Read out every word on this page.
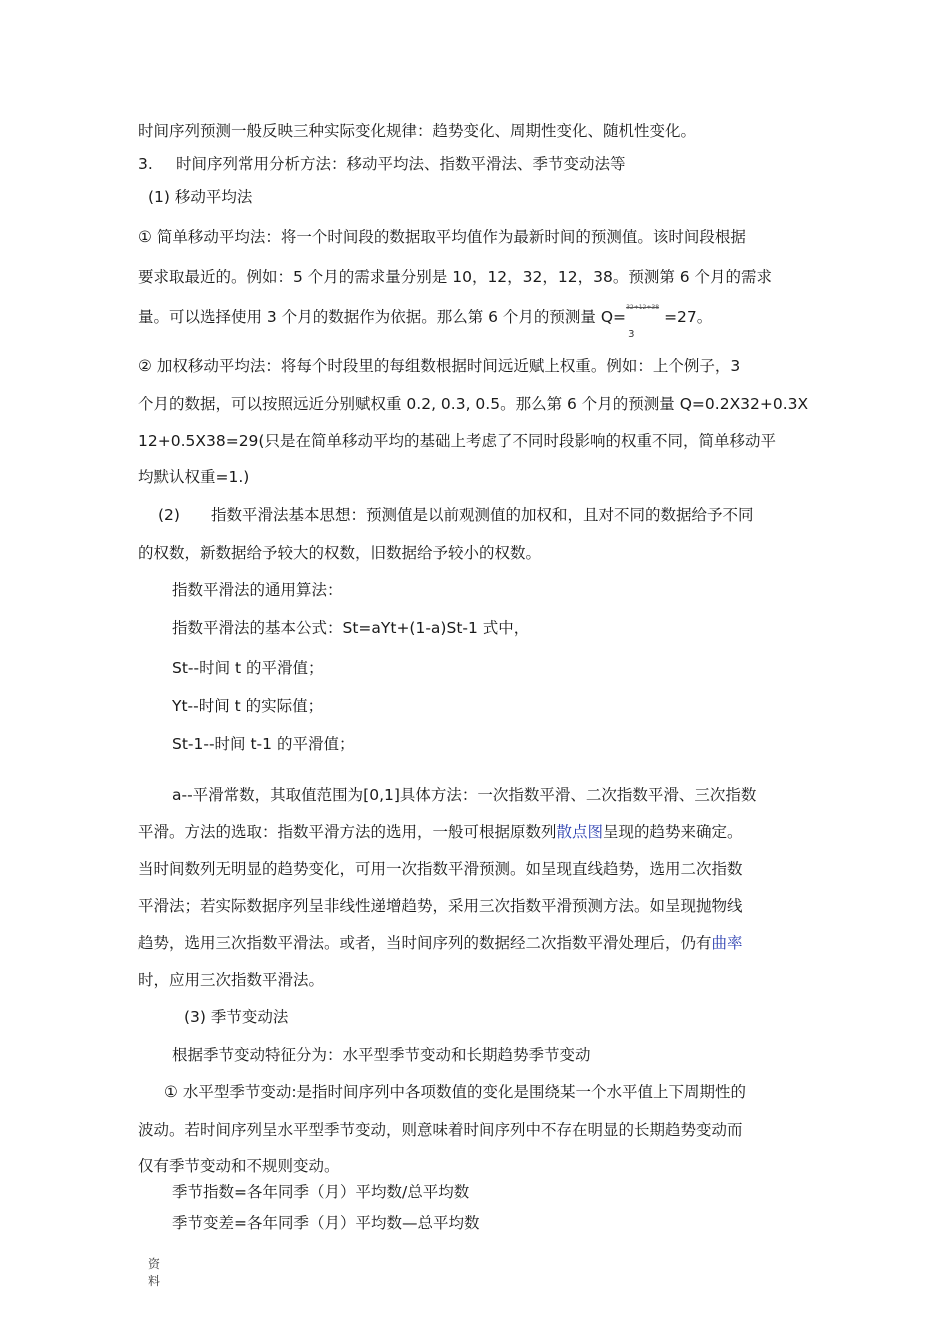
时间序列预测一般反映三种实际变化规律：趋势变化、周期性变化、随机性变化。
3. 时间序列常用分析方法：移动平均法、指数平滑法、季节变动法等
(1) 移动平均法
① 简单移动平均法：将一个时间段的数据取平均值作为最新时间的预测值。该时间段根据
要求取最近的。例如：5 个月的需求量分别是 10，12，32，12，38。预测第 6 个月的需求
量。可以选择使用 3 个月的数据作为依据。那么第 6 个月的预测量 Q=
32+12+38
3
=27。
② 加权移动平均法：将每个时段里的每组数根据时间远近赋上权重。例如：上个例子，3
个月的数据，可以按照远近分别赋权重 0.2, 0.3, 0.5。那么第 6 个月的预测量 Q=0.2X32+0.3X
12+0.5X38=29(只是在简单移动平均的基础上考虑了不同时段影响的权重不同，简单移动平
均默认权重=1.)
(2)　　指数平滑法基本思想：预测值是以前观测值的加权和，且对不同的数据给予不同
的权数，新数据给予较大的权数，旧数据给予较小的权数。
指数平滑法的通用算法：
指数平滑法的基本公式：St=aYt+(1-a)St-1 式中，
St--时间 t 的平滑值；
Yt--时间 t 的实际值；
St-1--时间 t-1 的平滑值；
a--平滑常数，其取值范围为[0,1]具体方法：一次指数平滑、二次指数平滑、三次指数
平滑。方法的选取：指数平滑方法的选用，一般可根据原数列散点图呈现的趋势来确定。
当时间数列无明显的趋势变化，可用一次指数平滑预测。如呈现直线趋势，选用二次指数
平滑法；若实际数据序列呈非线性递增趋势，采用三次指数平滑预测方法。如呈现抛物线
趋势，选用三次指数平滑法。或者，当时间序列的数据经二次指数平滑处理后，仍有曲率
时，应用三次指数平滑法。
(3) 季节变动法
根据季节变动特征分为：水平型季节变动和长期趋势季节变动
① 水平型季节变动:是指时间序列中各项数值的变化是围绕某一个水平值上下周期性的
波动。若时间序列呈水平型季节变动，则意味着时间序列中不存在明显的长期趋势变动而
仅有季节变动和不规则变动。
季节指数=各年同季（月）平均数/总平均数
季节变差=各年同季（月）平均数—总平均数
资
料
